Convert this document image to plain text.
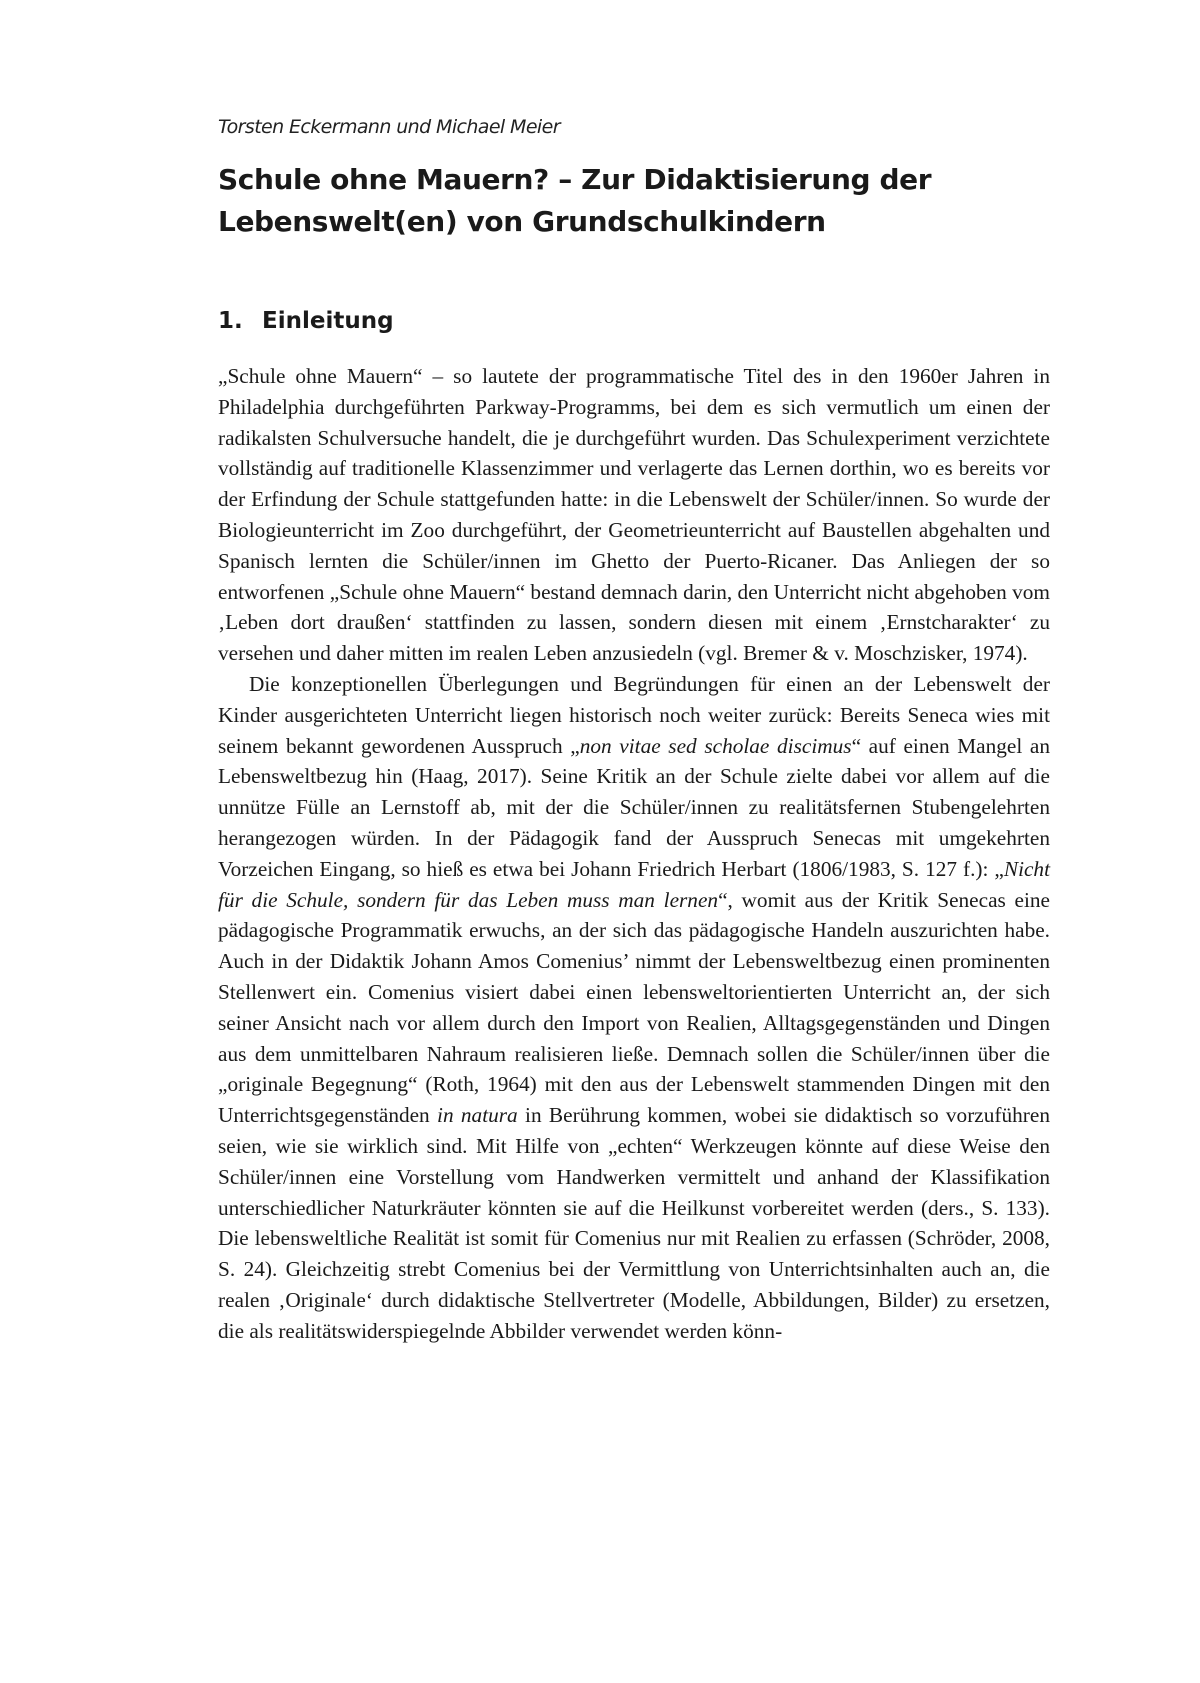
Torsten Eckermann und Michael Meier
Schule ohne Mauern? – Zur Didaktisierung der
Lebenswelt(en) von Grundschulkindern
1. Einleitung

„Schule ohne Mauern“ – so lautete der programmatische Titel des in den 1960er Jahren in Philadelphia durchgeführten Parkway-Programms, bei dem es sich vermutlich um einen der radikalsten Schulversuche handelt, die je durchgeführt wurden. Das Schulexperiment verzichtete vollständig auf traditionelle Klassenzimmer und verlagerte das Lernen dorthin, wo es bereits vor der Erfindung der Schule stattgefunden hatte: in die Lebenswelt der Schüler/innen. So wurde der Biologieunterricht im Zoo durchgeführt, der Geometrieunterricht auf Baustellen abgehalten und Spanisch lernten die Schüler/innen im Ghetto der Puerto-Ricaner. Das Anliegen der so entworfenen „Schule ohne Mauern“ bestand demnach darin, den Unterricht nicht abgehoben vom ‚Leben dort draußen‘ stattfinden zu lassen, sondern diesen mit einem ‚Ernstcharakter‘ zu versehen und daher mitten im realen Leben anzusiedeln (vgl. Bremer & v. Moschzisker, 1974).

Die konzeptionellen Überlegungen und Begründungen für einen an der Lebenswelt der Kinder ausgerichteten Unterricht liegen historisch noch weiter zurück: Bereits Seneca wies mit seinem bekannt gewordenen Ausspruch „non vitae sed scholae discimus“ auf einen Mangel an Lebensweltbezug hin (Haag, 2017). Seine Kritik an der Schule zielte dabei vor allem auf die unnütze Fülle an Lernstoff ab, mit der die Schüler/innen zu realitätsfernen Stubengelehrten herangezogen würden. In der Pädagogik fand der Ausspruch Senecas mit umgekehrten Vorzeichen Eingang, so hieß es etwa bei Johann Friedrich Herbart (1806/1983, S. 127 f.): „Nicht für die Schule, sondern für das Leben muss man lernen“, womit aus der Kritik Senecas eine pädagogische Programmatik erwuchs, an der sich das pädagogische Handeln auszurichten habe. Auch in der Didaktik Johann Amos Comenius’ nimmt der Lebensweltbezug einen prominenten Stellenwert ein. Comenius visiert dabei einen lebensweltorientierten Unterricht an, der sich seiner Ansicht nach vor allem durch den Import von Realien, Alltagsgegenständen und Dingen aus dem unmittelbaren Nahraum realisieren ließe. Demnach sollen die Schüler/innen über die „originale Begegnung“ (Roth, 1964) mit den aus der Lebenswelt stammenden Dingen mit den Unterrichtsgegenständen in natura in Berührung kommen, wobei sie didaktisch so vorzuführen seien, wie sie wirklich sind. Mit Hilfe von „echten“ Werkzeugen könnte auf diese Weise den Schüler/innen eine Vorstellung vom Handwerken vermittelt und anhand der Klassifikation unterschiedlicher Naturkräuter könnten sie auf die Heilkunst vorbereitet werden (ders., S. 133). Die lebensweltliche Realität ist somit für Comenius nur mit Realien zu erfassen (Schröder, 2008, S. 24). Gleichzeitig strebt Comenius bei der Vermittlung von Unterrichtsinhalten auch an, die realen ‚Originale‘ durch didaktische Stellvertreter (Modelle, Abbildungen, Bilder) zu ersetzen, die als realitätswiderspiegelnde Abbilder verwendet werden könn-
